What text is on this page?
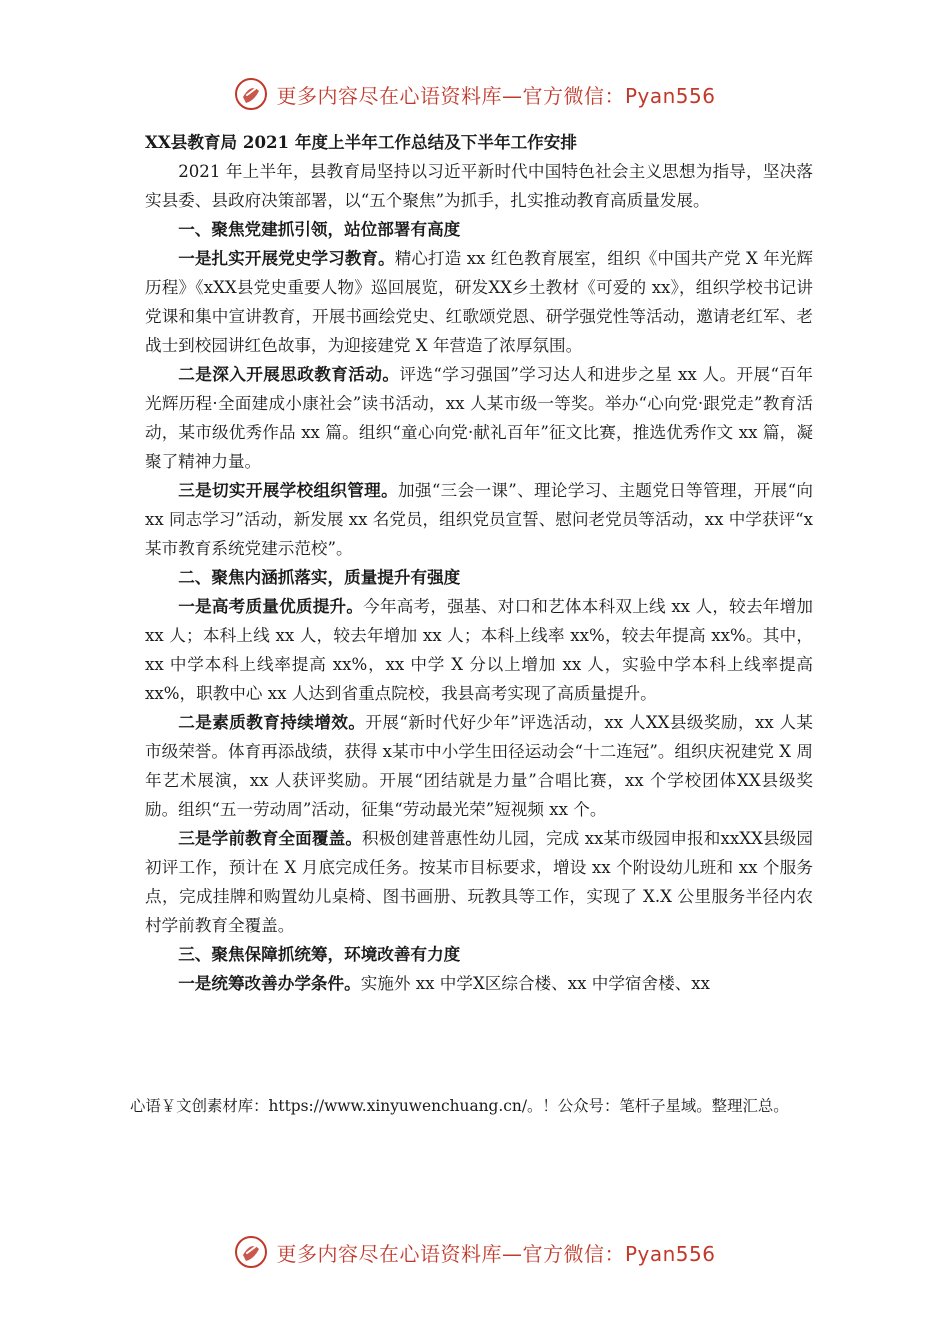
更多内容尽在心语资料库—官方微信：Pyan556

XX县教育局 2021 年度上半年工作总结及下半年工作安排

2021 年上半年，县教育局坚持以习近平新时代中国特色社会主义思想为指导，坚决落实县委、县政府决策部署，以“五个聚焦”为抓手，扎实推动教育高质量发展。

一、聚焦党建抓引领，站位部署有高度

一是扎实开展党史学习教育。精心打造 xx 红色教育展室，组织《中国共产党 X 年光辉历程》《xXX县党史重要人物》巡回展览，研发XX乡土教材《可爱的 xx》，组织学校书记讲党课和集中宣讲教育，开展书画绘党史、红歌颂党恩、研学强党性等活动，邀请老红军、老战士到校园讲红色故事，为迎接建党 X 年营造了浓厚氛围。

二是深入开展思政教育活动。评选“学习强国”学习达人和进步之星 xx 人。开展“百年光辉历程·全面建成小康社会”读书活动，xx 人某市级一等奖。举办“心向党·跟党走”教育活动，某市级优秀作品 xx 篇。组织“童心向党·献礼百年”征文比赛，推选优秀作文 xx 篇，凝聚了精神力量。

三是切实开展学校组织管理。加强“三会一课”、理论学习、主题党日等管理，开展“向 xx 同志学习”活动，新发展 xx 名党员，组织党员宣誓、慰问老党员等活动，xx 中学获评“x某市教育系统党建示范校”。

二、聚焦内涵抓落实，质量提升有强度

一是高考质量优质提升。今年高考，强基、对口和艺体本科双上线 xx 人，较去年增加 xx 人；本科上线 xx 人，较去年增加 xx 人；本科上线率 xx%，较去年提高 xx%。其中，xx 中学本科上线率提高 xx%，xx 中学 X 分以上增加 xx 人，实验中学本科上线率提高 xx%，职教中心 xx 人达到省重点院校，我县高考实现了高质量提升。

二是素质教育持续增效。开展“新时代好少年”评选活动，xx 人XX县级奖励，xx 人某市级荣誉。体育再添战绩，获得 x某市中小学生田径运动会“十二连冠”。组织庆祝建党 X 周年艺术展演，xx 人获评奖励。开展“团结就是力量”合唱比赛，xx 个学校团体XX县级奖励。组织“五一劳动周”活动，征集“劳动最光荣”短视频 xx 个。

三是学前教育全面覆盖。积极创建普惠性幼儿园，完成 xx某市级园申报和xxXX县级园初评工作，预计在 X 月底完成任务。按某市目标要求，增设 xx 个附设幼儿班和 xx 个服务点，完成挂牌和购置幼儿桌椅、图书画册、玩教具等工作，实现了 X.X 公里服务半径内农村学前教育全覆盖。

三、聚焦保障抓统筹，环境改善有力度

一是统筹改善办学条件。实施外 xx 中学X区综合楼、xx 中学宿舍楼、xx

心语￥文创素材库：https://www.xinyuwenchuang.cn/。！公众号：笔杆子星域。整理汇总。
更多内容尽在心语资料库—官方微信：Pyan556
